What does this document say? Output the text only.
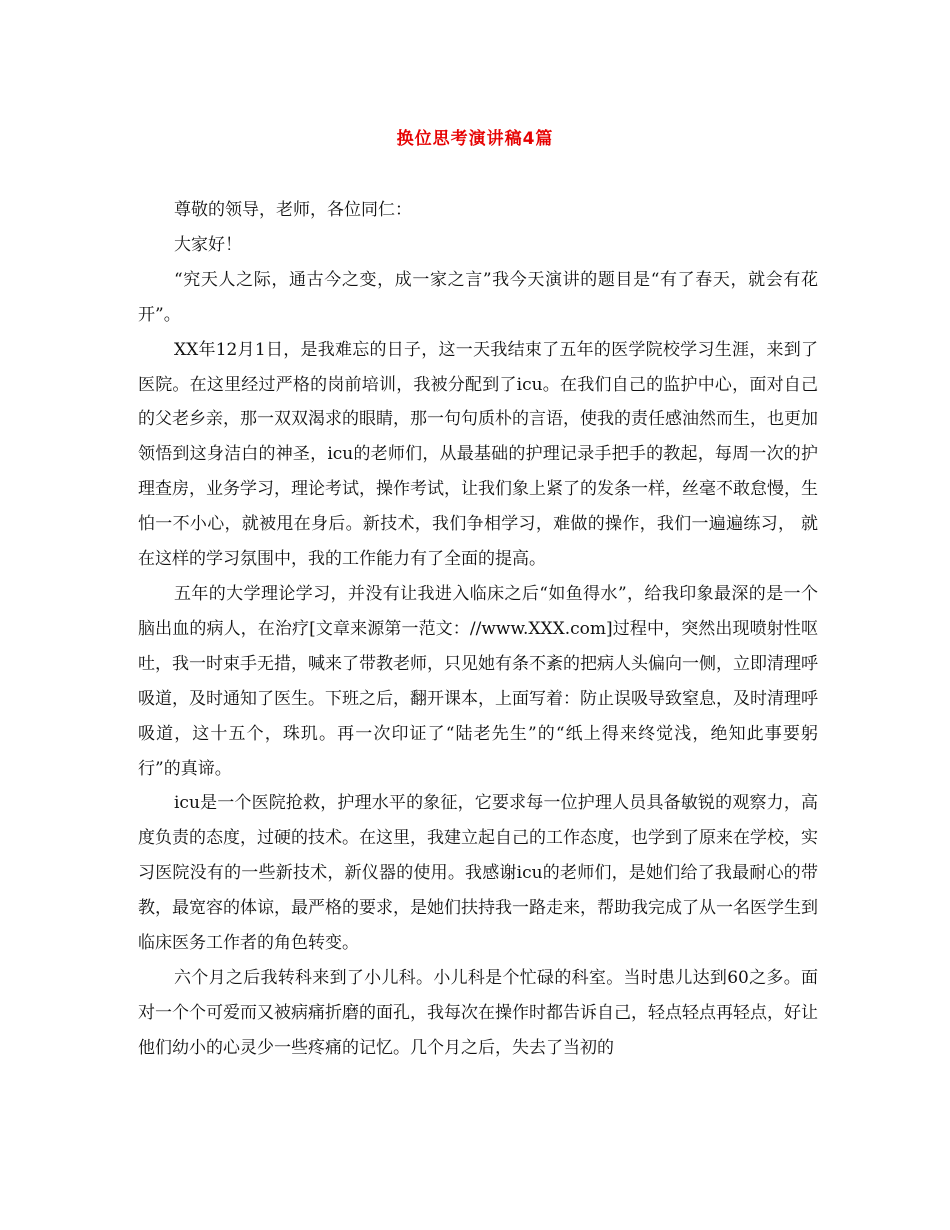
换位思考演讲稿4篇

尊敬的领导，老师，各位同仁：

大家好！

“究天人之际，通古今之变，成一家之言”我今天演讲的题目是“有了春天，就会有花开”。

XX年12月1日，是我难忘的日子，这一天我结束了五年的医学院校学习生涯，来到了医院。在这里经过严格的岗前培训，我被分配到了icu。在我们自己的监护中心，面对自己的父老乡亲，那一双双渴求的眼睛，那一句句质朴的言语，使我的责任感油然而生，也更加领悟到这身洁白的神圣，icu的老师们，从最基础的护理记录手把手的教起，每周一次的护理查房，业务学习，理论考试，操作考试，让我们象上紧了的发条一样，丝毫不敢怠慢，生怕一不小心，就被甩在身后。新技术，我们争相学习，难做的操作，我们一遍遍练习， 就在这样的学习氛围中，我的工作能力有了全面的提高。

五年的大学理论学习，并没有让我进入临床之后“如鱼得水”，给我印象最深的是一个脑出血的病人，在治疗[文章来源第一范文：//www.XXX.com]过程中，突然出现喷射性呕吐，我一时束手无措，喊来了带教老师，只见她有条不紊的把病人头偏向一侧，立即清理呼吸道，及时通知了医生。下班之后，翻开课本，上面写着：防止误吸导致窒息，及时清理呼吸道，这十五个，珠玑。再一次印证了“陆老先生”的“纸上得来终觉浅，绝知此事要躬行”的真谛。

icu是一个医院抢救，护理水平的象征，它要求每一位护理人员具备敏锐的观察力，高度负责的态度，过硬的技术。在这里，我建立起自己的工作态度，也学到了原来在学校，实习医院没有的一些新技术，新仪器的使用。我感谢icu的老师们，是她们给了我最耐心的带教，最宽容的体谅，最严格的要求，是她们扶持我一路走来，帮助我完成了从一名医学生到临床医务工作者的角色转变。

六个月之后我转科来到了小儿科。小儿科是个忙碌的科室。当时患儿达到60之多。面对一个个可爱而又被病痛折磨的面孔，我每次在操作时都告诉自己，轻点轻点再轻点，好让他们幼小的心灵少一些疼痛的记忆。几个月之后，失去了当初的
